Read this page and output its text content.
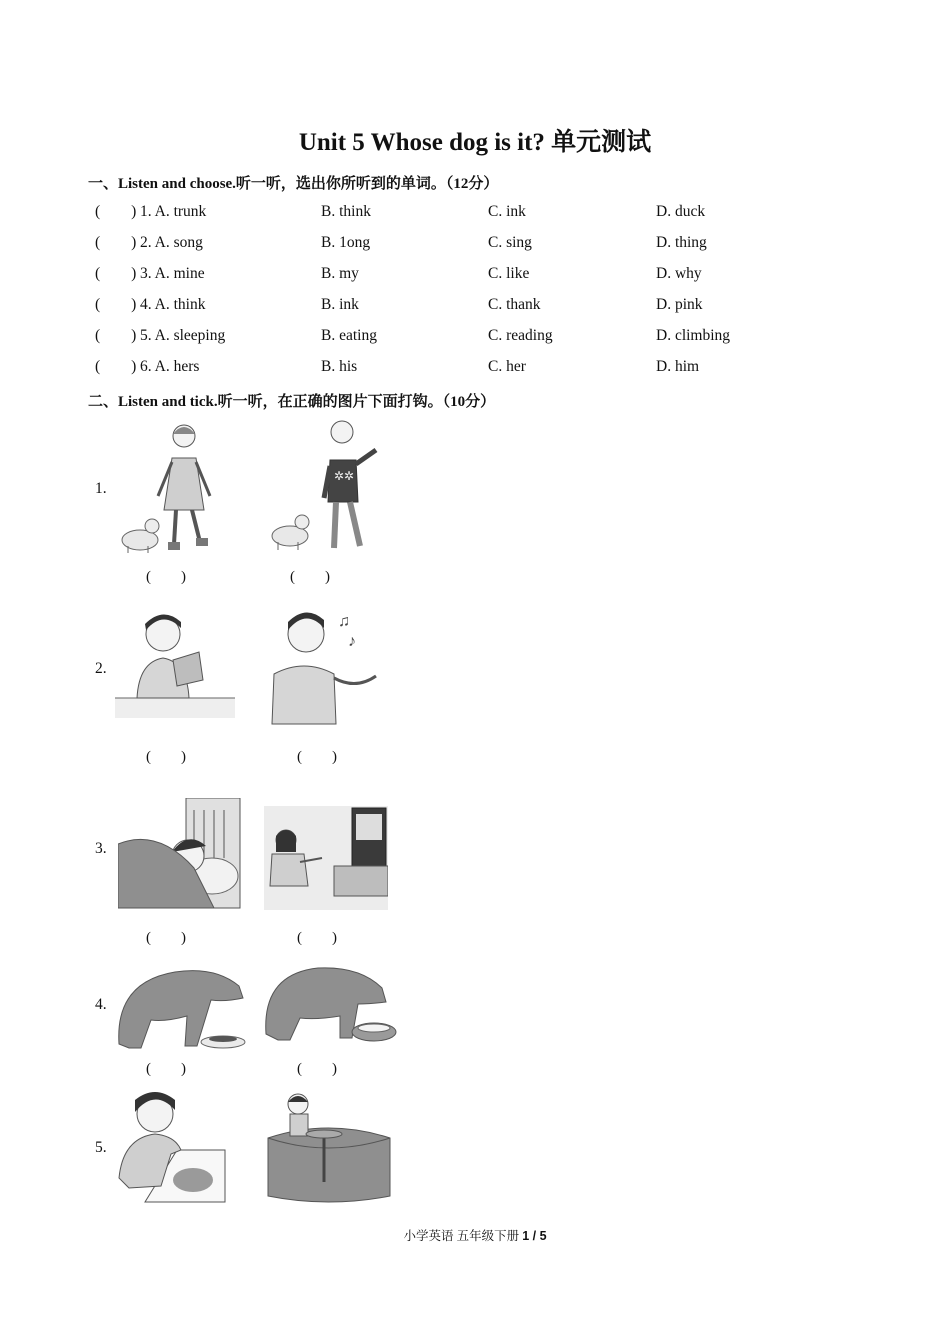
Unit 5 Whose dog is it? 单元测试
一、Listen and choose.听一听，选出你所听到的单词。（12分）
(        ) 1. A. trunk	B. think	C. ink	D. duck
(        ) 2. A. song	B. 1ong	C. sing	D. thing
(        ) 3. A. mine	B. my	C. like	D. why
(        ) 4. A. think	B. ink	C. thank	D. pink
(        ) 5. A. sleeping	B. eating	C. reading	D. climbing
(        ) 6. A. hers	B. his	C. her	D. him
二、Listen and tick.听一听，在正确的图片下面打钩。（10分）
1.
✲✲
(        )	(        )
2.
♫
♪
(        )	(        )
3.
(        )	(        )
4.
(        )	(        )
5.
小学英语 五年级下册 1 / 5
